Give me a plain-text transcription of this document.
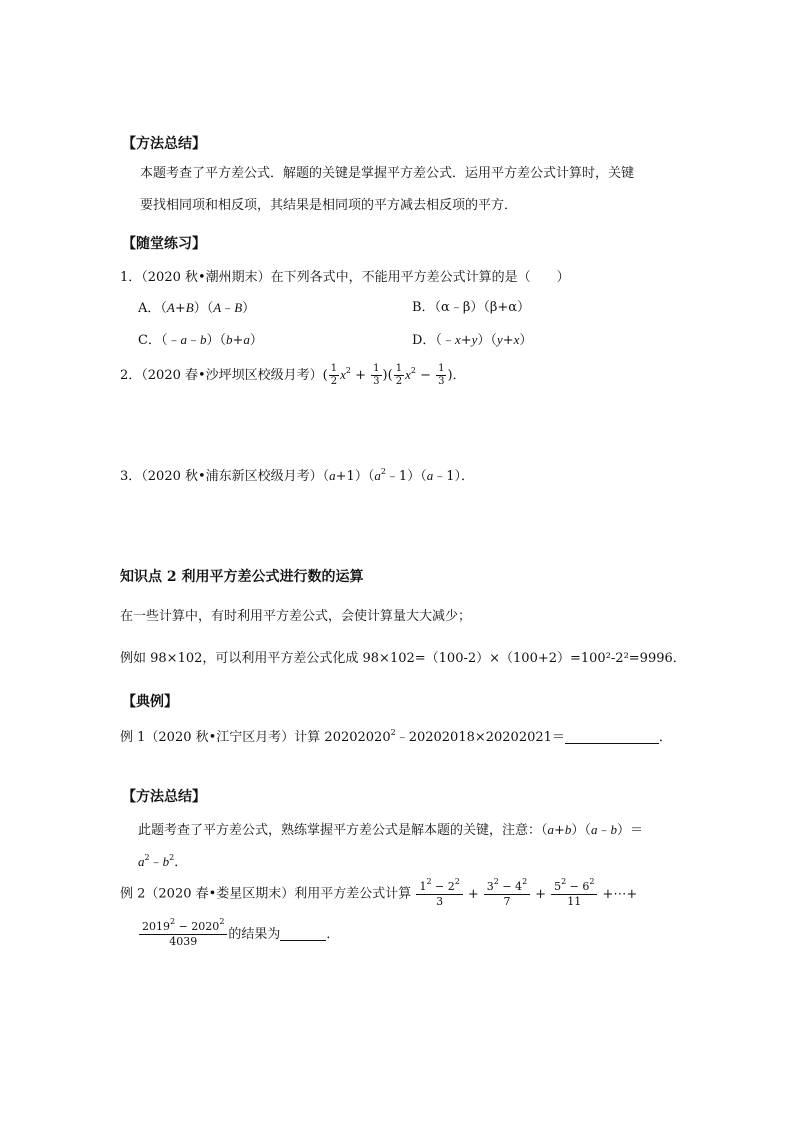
【方法总结】
本题考查了平方差公式．解题的关键是掌握平方差公式．运用平方差公式计算时，关键
要找相同项和相反项，其结果是相同项的平方减去相反项的平方．
【随堂练习】
1．（2020 秋•潮州期末）在下列各式中，不能用平方差公式计算的是（　　）
A．（A+B）（A﹣B）	B．（α﹣β）（β+α）
C．（﹣a﹣b）（b+a）	D．（﹣x+y）（y+x）
2．（2020 春•沙坪坝区校级月考）( $\frac{1}{2} x^2 + \frac{1}{3}$ )( $\frac{1}{2} x^2 - \frac{1}{3}$ )．
3．（2020 秋•浦东新区校级月考）$(a+1)(a^2﹣1)(a﹣1)$．
知识点 2 利用平方差公式进行数的运算
在一些计算中，有时利用平方差公式，会使计算量大大减少；
例如 98×102，可以利用平方差公式化成 98×102=（100-2）×（100+2）=100²-2²=9996．
【典例】
例 1（2020 秋•江宁区月考）计算 $20202020^2﹣20202018\times 20202021=$	．
【方法总结】
此题考查了平方差公式，熟练掌握平方差公式是解本题的关键，注意：（a+b）（a﹣b）＝
$a^2﹣b^2$．
例 2（2020 春•娄星区期末）利用平方差公式计算 $\frac{1^2 - 2^2}{3} + \frac{3^2 - 4^2}{7} + \frac{5^2 - 6^2}{11}$ +⋯+
$\frac{2019^2 - 2020^2}{4039}$ 的结果为	．
